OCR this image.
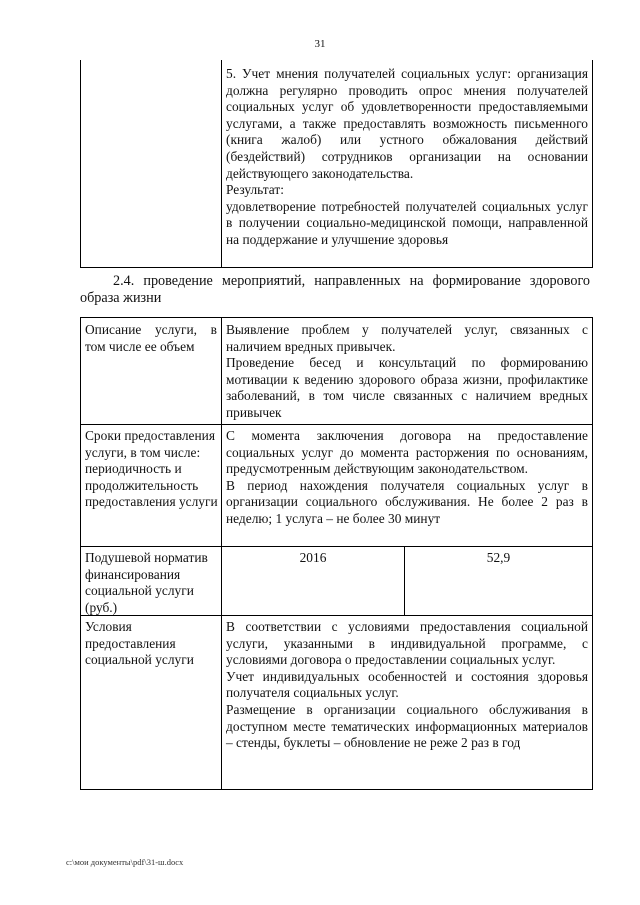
31

5. Учет мнения получателей социальных услуг: организация должна регулярно проводить опрос мнения получателей социальных услуг об удовлетворенности предоставляемыми услугами, а также предоставлять возможность письменного (книга жалоб) или устного обжалования действий (бездействий) сотрудников организации на основании действующего законодательства.

Результат:

удовлетворение потребностей получателей социальных услуг в получении социально-медицинской помощи, направленной на поддержание и улучшение здоровья

2.4. проведение мероприятий, направленных на формирование здорового образа жизни

Описание услуги, в том числе ее объем

Выявление проблем у получателей услуг, связанных с наличием вредных привычек.

Проведение бесед и консультаций по формированию мотивации к ведению здорового образа жизни, профилактике заболеваний, в том числе связанных с наличием вредных привычек

Сроки предоставления услуги, в том числе: периодичность и продолжительность предоставления услуги

С момента заключения договора на предоставление социальных услуг до момента расторжения по основаниям, предусмотренным действующим законодательством.

В период нахождения получателя социальных услуг в организации социального обслуживания. Не более 2 раз в неделю; 1 услуга – не более 30 минут

Подушевой норматив финансирования социальной услуги (руб.)

2016	52,9

Условия предоставления социальной услуги

В соответствии с условиями предоставления социальной услуги, указанными в индивидуальной программе, с условиями договора о предоставлении социальных услуг.

Учет индивидуальных особенностей и состояния здоровья получателя социальных услуг.

Размещение в организации социального обслуживания в доступном месте тематических информационных материалов – стенды, буклеты – обновление не реже 2 раз в год

c:\мои документы\pdf\31-ш.docx
